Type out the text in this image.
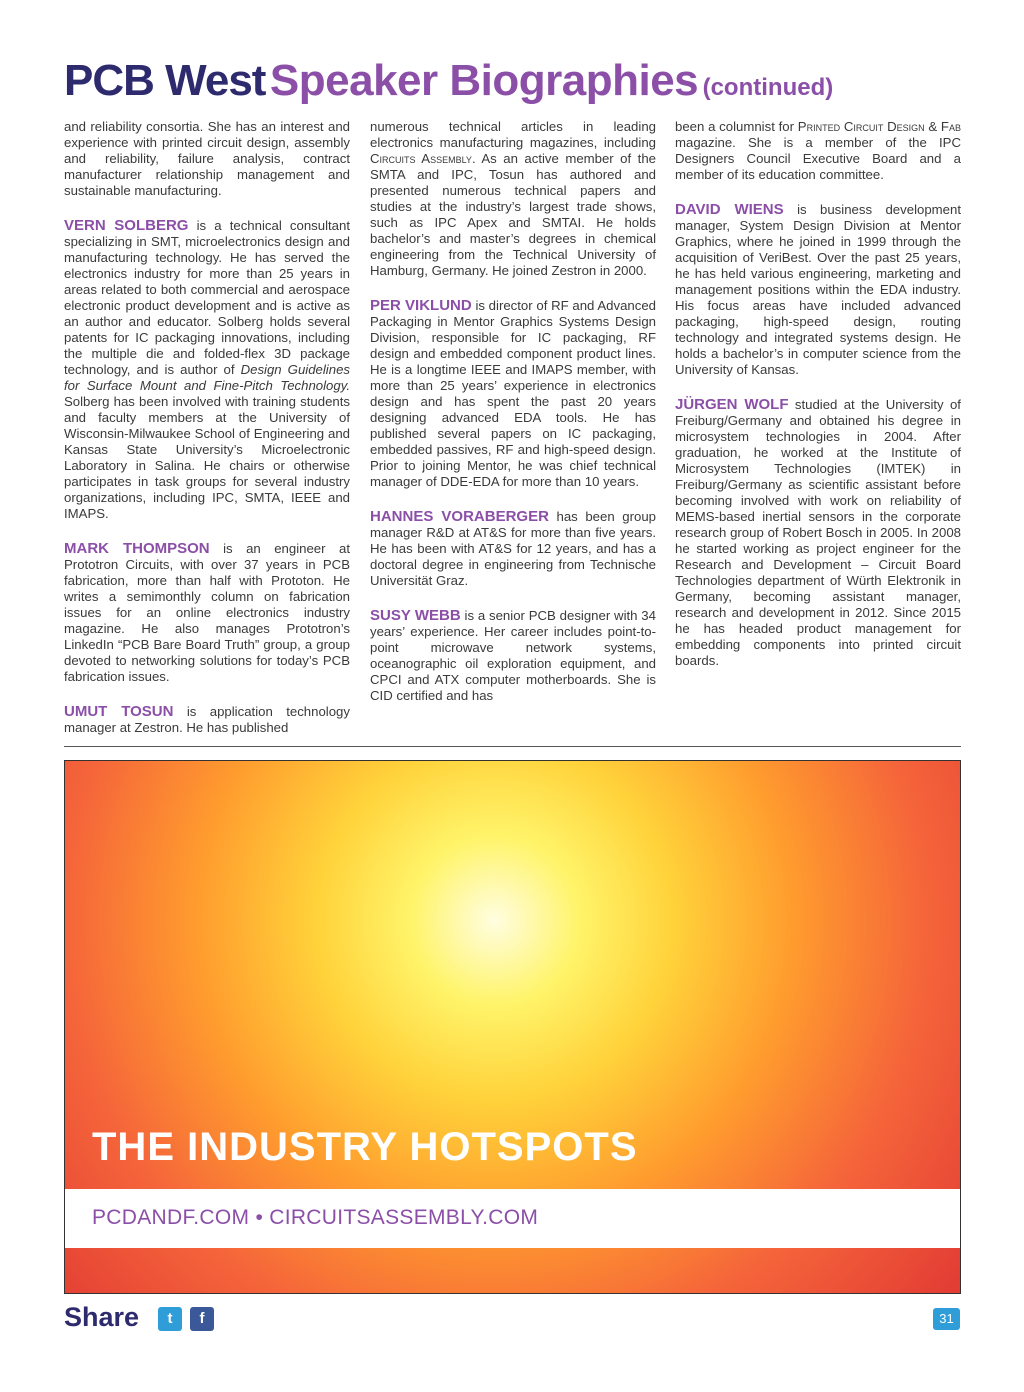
PCB West Speaker Biographies (continued)

and reliability consortia. She has an interest and experience with printed circuit design, assembly and reliability, failure analysis, contract manufacturer relationship management and sustainable manufacturing.

VERN SOLBERG is a technical consultant specializing in SMT, microelectronics design and manufacturing technology. He has served the electronics industry for more than 25 years in areas related to both commercial and aerospace electronic product development and is active as an author and educator. Solberg holds several patents for IC packaging innovations, including the multiple die and folded-flex 3D package technology, and is author of Design Guidelines for Surface Mount and Fine-Pitch Technology. Solberg has been involved with training students and faculty members at the University of Wisconsin-Milwaukee School of Engineering and Kansas State University’s Microelectronic Laboratory in Salina. He chairs or otherwise participates in task groups for several industry organizations, including IPC, SMTA, IEEE and IMAPS.

MARK THOMPSON is an engineer at Prototron Circuits, with over 37 years in PCB fabrication, more than half with Prototon. He writes a semimonthly column on fabrication issues for an online electronics industry magazine. He also manages Prototron’s LinkedIn “PCB Bare Board Truth” group, a group devoted to networking solutions for today’s PCB fabrication issues.

UMUT TOSUN is application technology manager at Zestron. He has published

numerous technical articles in leading electronics manufacturing magazines, including Circuits Assembly. As an active member of the SMTA and IPC, Tosun has authored and presented numerous technical papers and studies at the industry’s largest trade shows, such as IPC Apex and SMTAI. He holds bachelor’s and master’s degrees in chemical engineering from the Technical University of Hamburg, Germany. He joined Zestron in 2000.

PER VIKLUND is director of RF and Advanced Packaging in Mentor Graphics Systems Design Division, responsible for IC packaging, RF design and embedded component product lines. He is a longtime IEEE and IMAPS member, with more than 25 years’ experience in electronics design and has spent the past 20 years designing advanced EDA tools. He has published several papers on IC packaging, embedded passives, RF and high-speed design. Prior to joining Mentor, he was chief technical manager of DDE-EDA for more than 10 years.

HANNES VORABERGER has been group manager R&D at AT&S for more than five years. He has been with AT&S for 12 years, and has a doctoral degree in engineering from Technische Universität Graz.

SUSY WEBB is a senior PCB designer with 34 years’ experience. Her career includes point-to-point microwave network systems, oceanographic oil exploration equipment, and CPCI and ATX computer motherboards. She is CID certified and has

been a columnist for Printed Circuit Design & Fab magazine. She is a member of the IPC Designers Council Executive Board and a member of its education committee.

DAVID WIENS is business development manager, System Design Division at Mentor Graphics, where he joined in 1999 through the acquisition of VeriBest. Over the past 25 years, he has held various engineering, marketing and management positions within the EDA industry. His focus areas have included advanced packaging, high-speed design, routing technology and integrated systems design. He holds a bachelor’s in computer science from the University of Kansas.

JÜRGEN WOLF studied at the University of Freiburg/Germany and obtained his degree in microsystem technologies in 2004. After graduation, he worked at the Institute of Microsystem Technologies (IMTEK) in Freiburg/Germany as scientific assistant before becoming involved with work on reliability of MEMS-based inertial sensors in the corporate research group of Robert Bosch in 2005. In 2008 he started working as project engineer for the Research and Development – Circuit Board Technologies department of Würth Elektronik in Germany, becoming assistant manager, research and development in 2012. Since 2015 he has headed product management for embedding components into printed circuit boards.

THE INDUSTRY HOTSPOTS
PCDANDF.COM • CIRCUITSASSEMBLY.COM
Share	t	f	31
